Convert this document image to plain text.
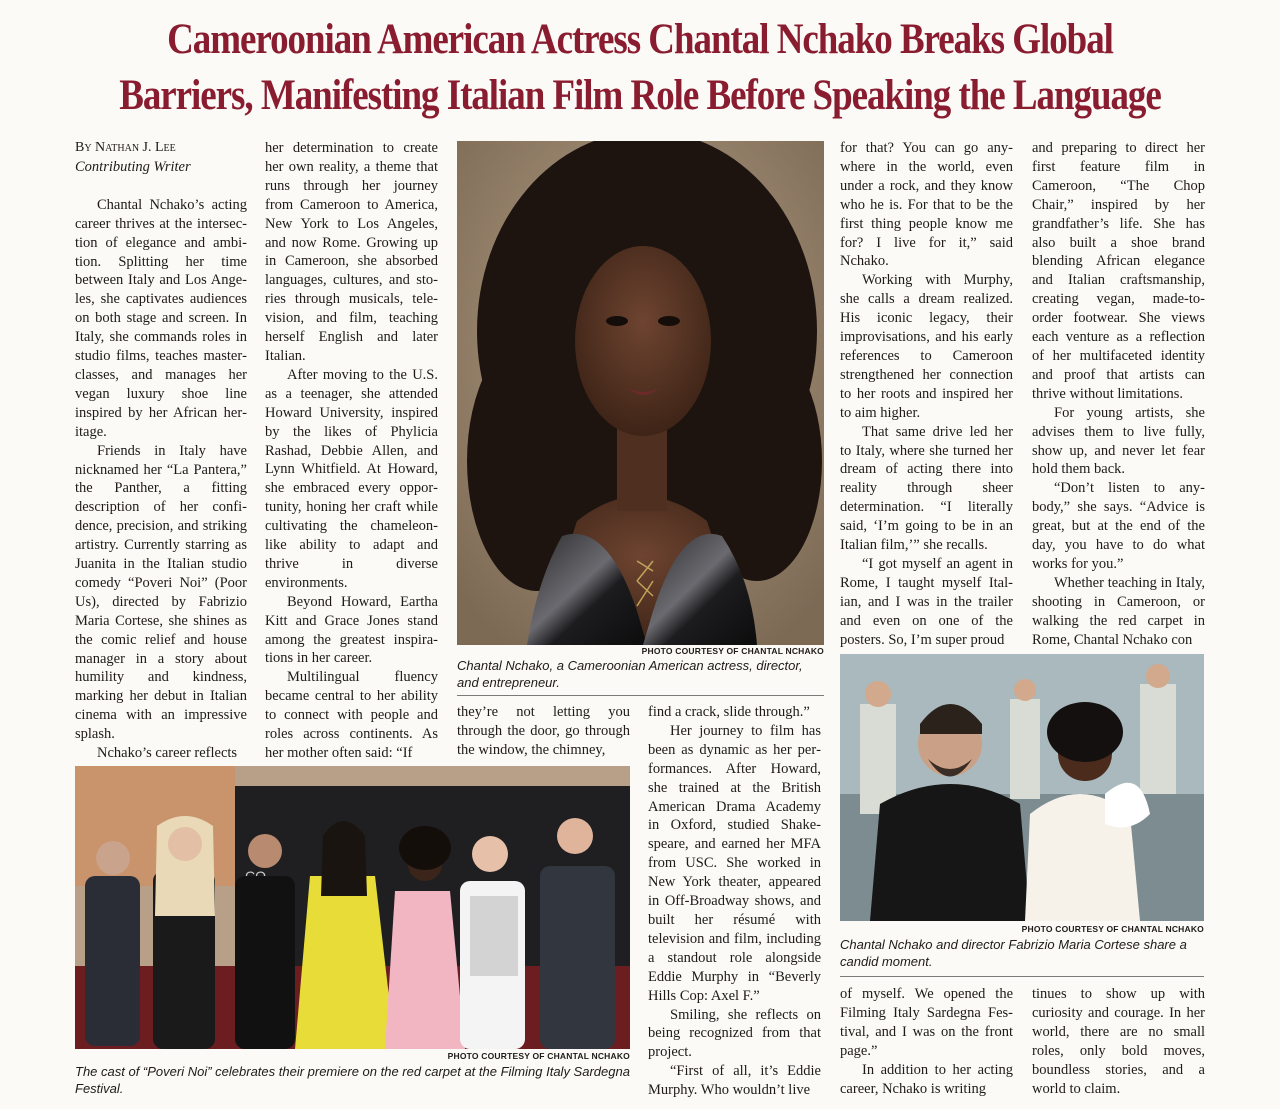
Cameroonian American Actress Chantal Nchako Breaks Global
Barriers, Manifesting Italian Film Role Before Speaking the Language

By Nathan J. Lee

Contributing Writer

Chantal Nchako’s acting career thrives at the intersection of elegance and ambition. Splitting her time between Italy and Los Angeles, she captivates audiences on both stage and screen. In Italy, she commands roles in studio films, teaches masterclasses, and manages her vegan luxury shoe line inspired by her African heritage.

Friends in Italy have nicknamed her “La Pantera,” the Panther, a fitting description of her confidence, precision, and striking artistry. Currently starring as Juanita in the Italian studio comedy “Poveri Noi” (Poor Us), directed by Fabrizio Maria Cortese, she shines as the comic relief and house manager in a story about humility and kindness, marking her debut in Italian cinema with an impressive splash.

Nchako’s career reflects

her determination to create her own reality, a theme that runs through her journey from Cameroon to America, New York to Los Angeles, and now Rome. Growing up in Cameroon, she absorbed languages, cultures, and stories through musicals, television, and film, teaching herself English and later Italian.

After moving to the U.S. as a teenager, she attended Howard University, inspired by the likes of Phylicia Rashad, Debbie Allen, and Lynn Whitfield. At Howard, she embraced every opportunity, honing her craft while cultivating the chameleon-like ability to adapt and thrive in diverse environments.

Beyond Howard, Eartha Kitt and Grace Jones stand among the greatest inspirations in her career.

Multilingual fluency became central to her ability to connect with people and roles across continents. As her mother often said: “If

PHOTO COURTESY OF CHANTAL NCHAKO
Chantal Nchako, a Cameroonian American actress, director, and entrepreneur.

they’re not letting you through the door, go through the window, the chimney,

PHOTO COURTESY OF CHANTAL NCHAKO
The cast of “Poveri Noi” celebrates their premiere on the red carpet at the Filming Italy Sardegna Festival.

find a crack, slide through.”

Her journey to film has been as dynamic as her performances. After Howard, she trained at the British American Drama Academy in Oxford, studied Shakespeare, and earned her MFA from USC. She worked in New York theater, appeared in Off-Broadway shows, and built her résumé with television and film, including a standout role alongside Eddie Murphy in “Beverly Hills Cop: Axel F.”

Smiling, she reflects on being recognized from that project.

“First of all, it’s Eddie Murphy. Who wouldn’t live

for that? You can go anywhere in the world, even under a rock, and they know who he is. For that to be the first thing people know me for? I live for it,” said Nchako.

Working with Murphy, she calls a dream realized. His iconic legacy, their improvisations, and his early references to Cameroon strengthened her connection to her roots and inspired her to aim higher.

That same drive led her to Italy, where she turned her dream of acting there into reality through sheer determination. “I literally said, ‘I’m going to be in an Italian film,’” she recalls.

“I got myself an agent in Rome, I taught myself Italian, and I was in the trailer and even on one of the posters. So, I’m super proud

and preparing to direct her first feature film in Cameroon, “The Chop Chair,” inspired by her grandfather’s life. She has also built a shoe brand blending African elegance and Italian craftsmanship, creating vegan, made-to-order footwear. She views each venture as a reflection of her multifaceted identity and proof that artists can thrive without limitations.

For young artists, she advises them to live fully, show up, and never let fear hold them back.

“Don’t listen to anybody,” she says. “Advice is great, but at the end of the day, you have to do what works for you.”

Whether teaching in Italy, shooting in Cameroon, or walking the red carpet in Rome, Chantal Nchako con

PHOTO COURTESY OF CHANTAL NCHAKO
Chantal Nchako and director Fabrizio Maria Cortese share a candid moment.

of myself. We opened the Filming Italy Sardegna Festival, and I was on the front page.”

In addition to her acting career, Nchako is writing

tinues to show up with curiosity and courage. In her world, there are no small roles, only bold moves, boundless stories, and a world to claim.
